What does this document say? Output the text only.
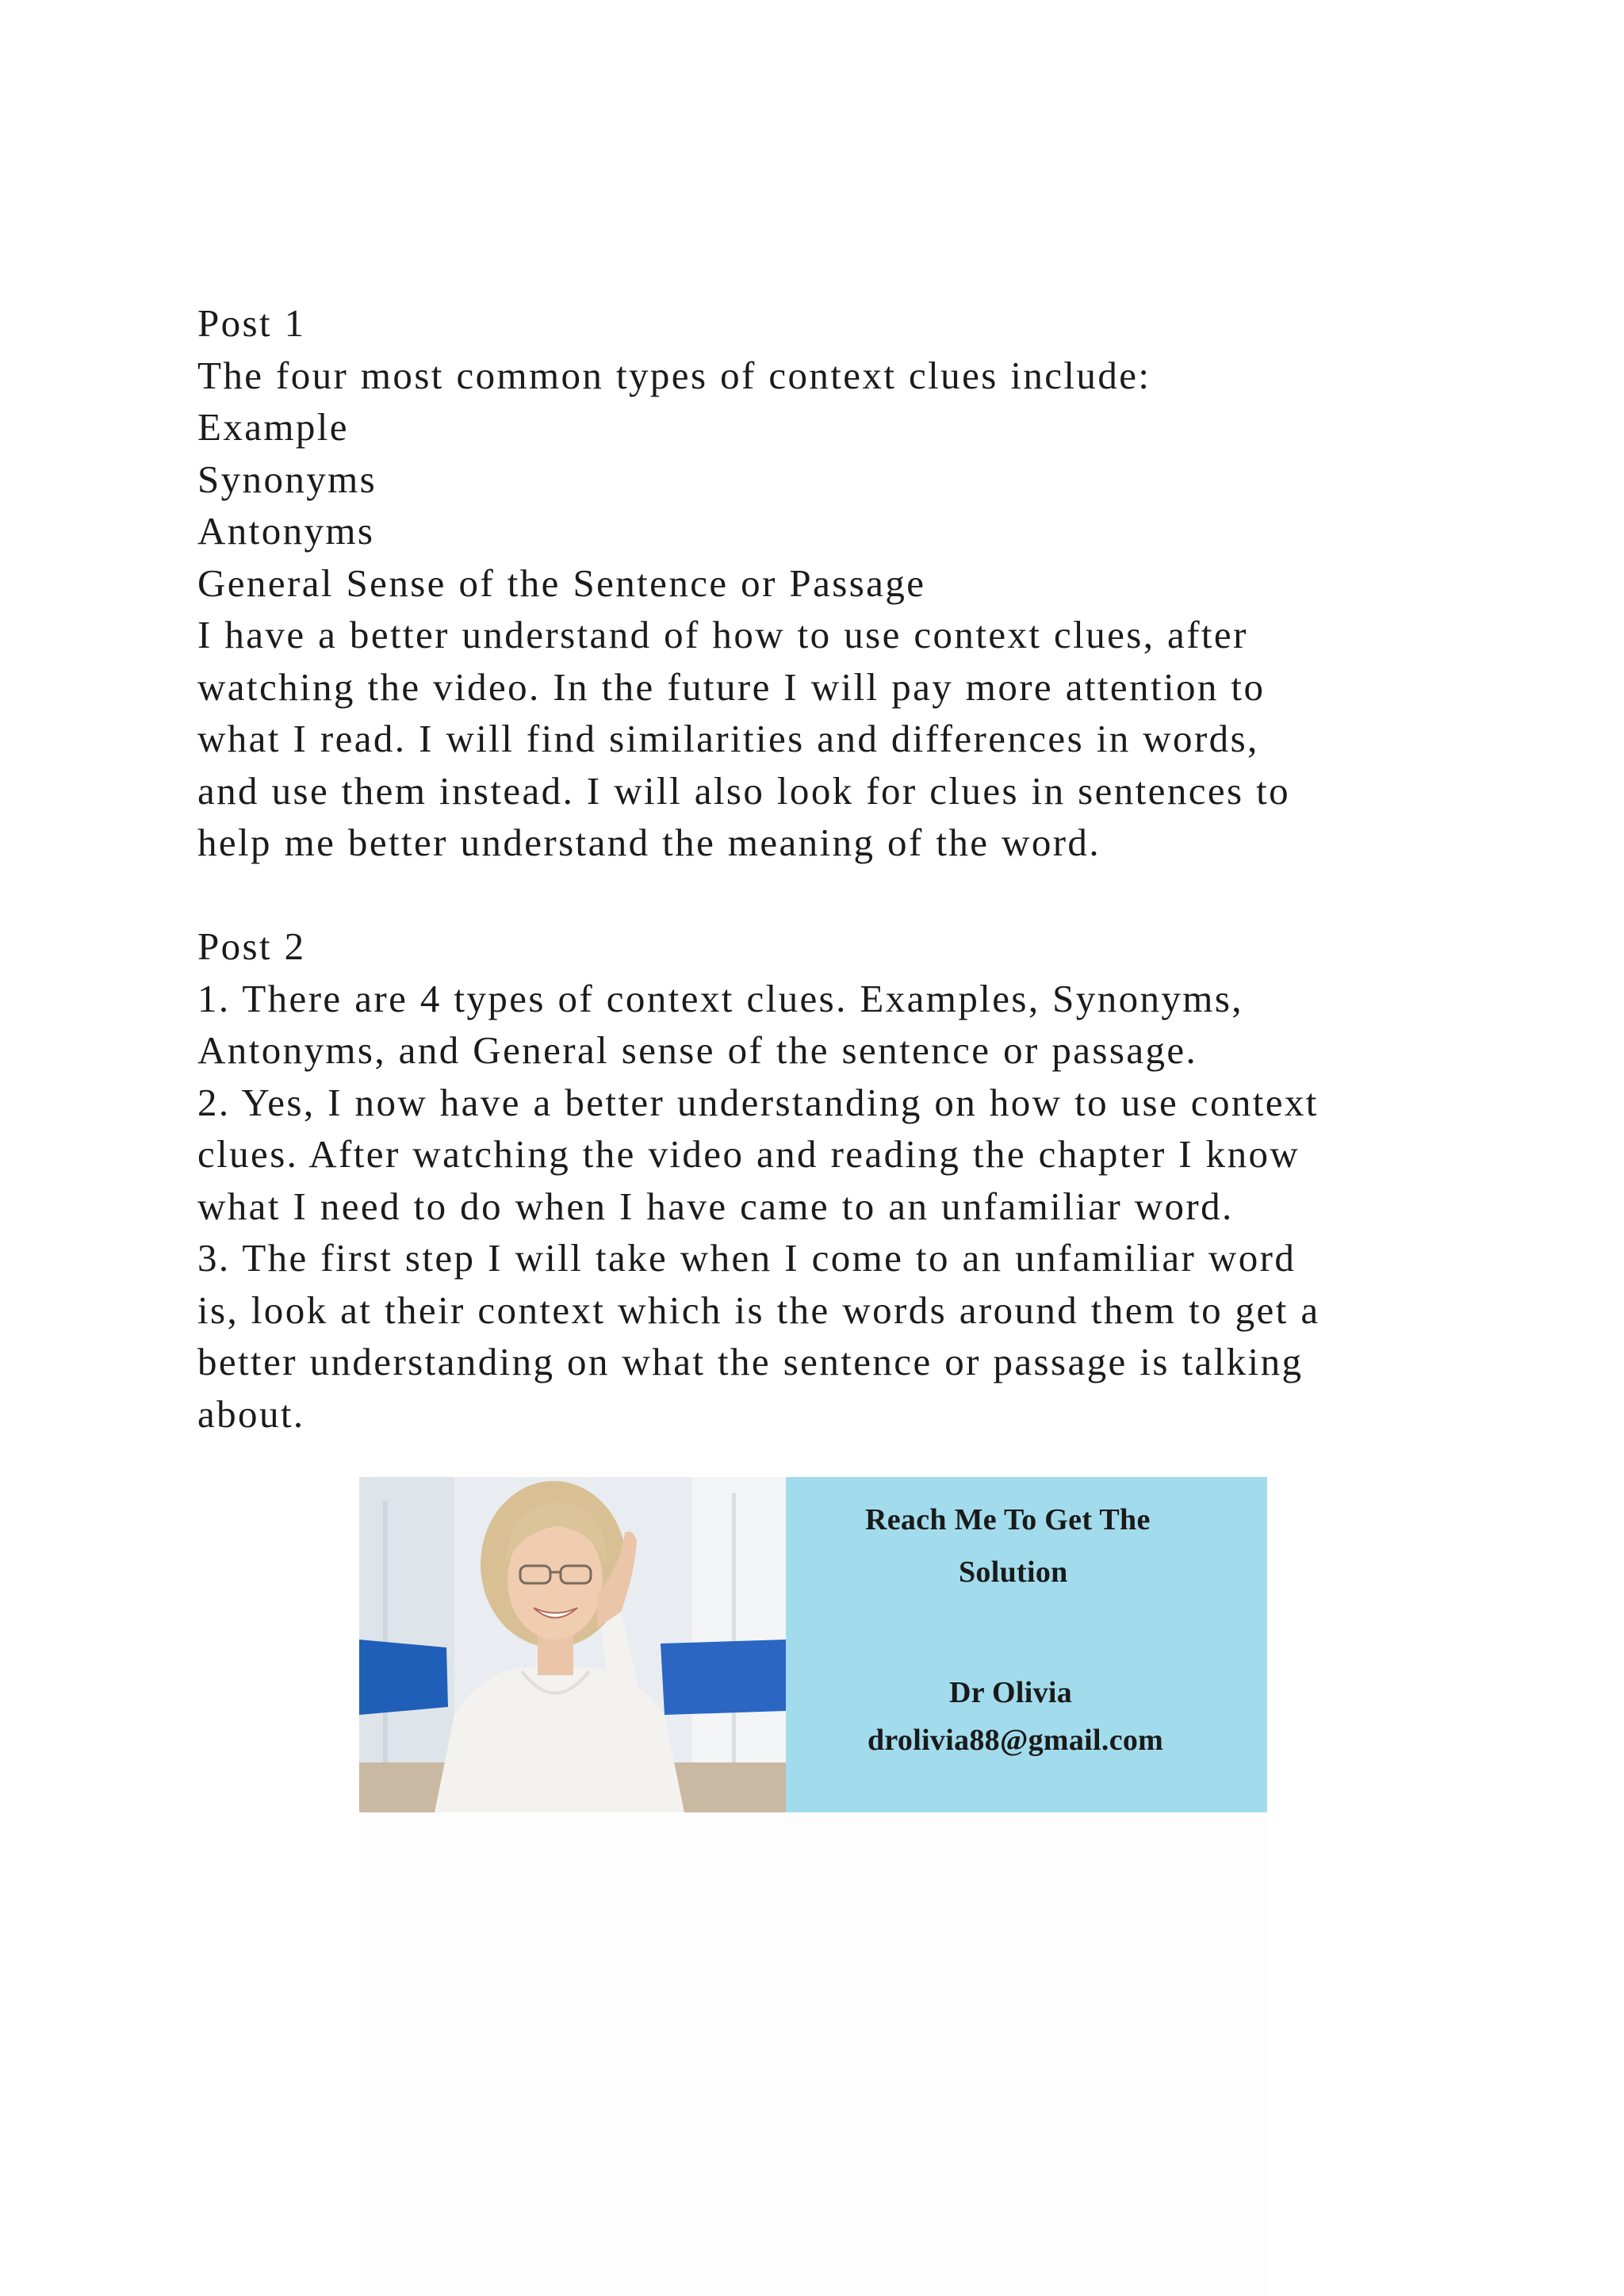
Post 1
The four most common types of context clues include:
Example
Synonyms
Antonyms
General Sense of the Sentence or Passage
I have a better understand of how to use context clues, after
watching the video. In the future I will pay more attention to
what I read. I will find similarities and differences in words,
and use them instead. I will also look for clues in sentences to
help me better understand the meaning of the word.
Post 2
1. There are 4 types of context clues. Examples, Synonyms,
Antonyms, and General sense of the sentence or passage.
2. Yes, I now have a better understanding on how to use context
clues. After watching the video and reading the chapter I know
what I need to do when I have came to an unfamiliar word.
3. The first step I will take when I come to an unfamiliar word
is, look at their context which is the words around them to get a
better understanding on what the sentence or passage is talking
about.
Reach Me To Get The
Solution
Dr Olivia
drolivia88@gmail.com
